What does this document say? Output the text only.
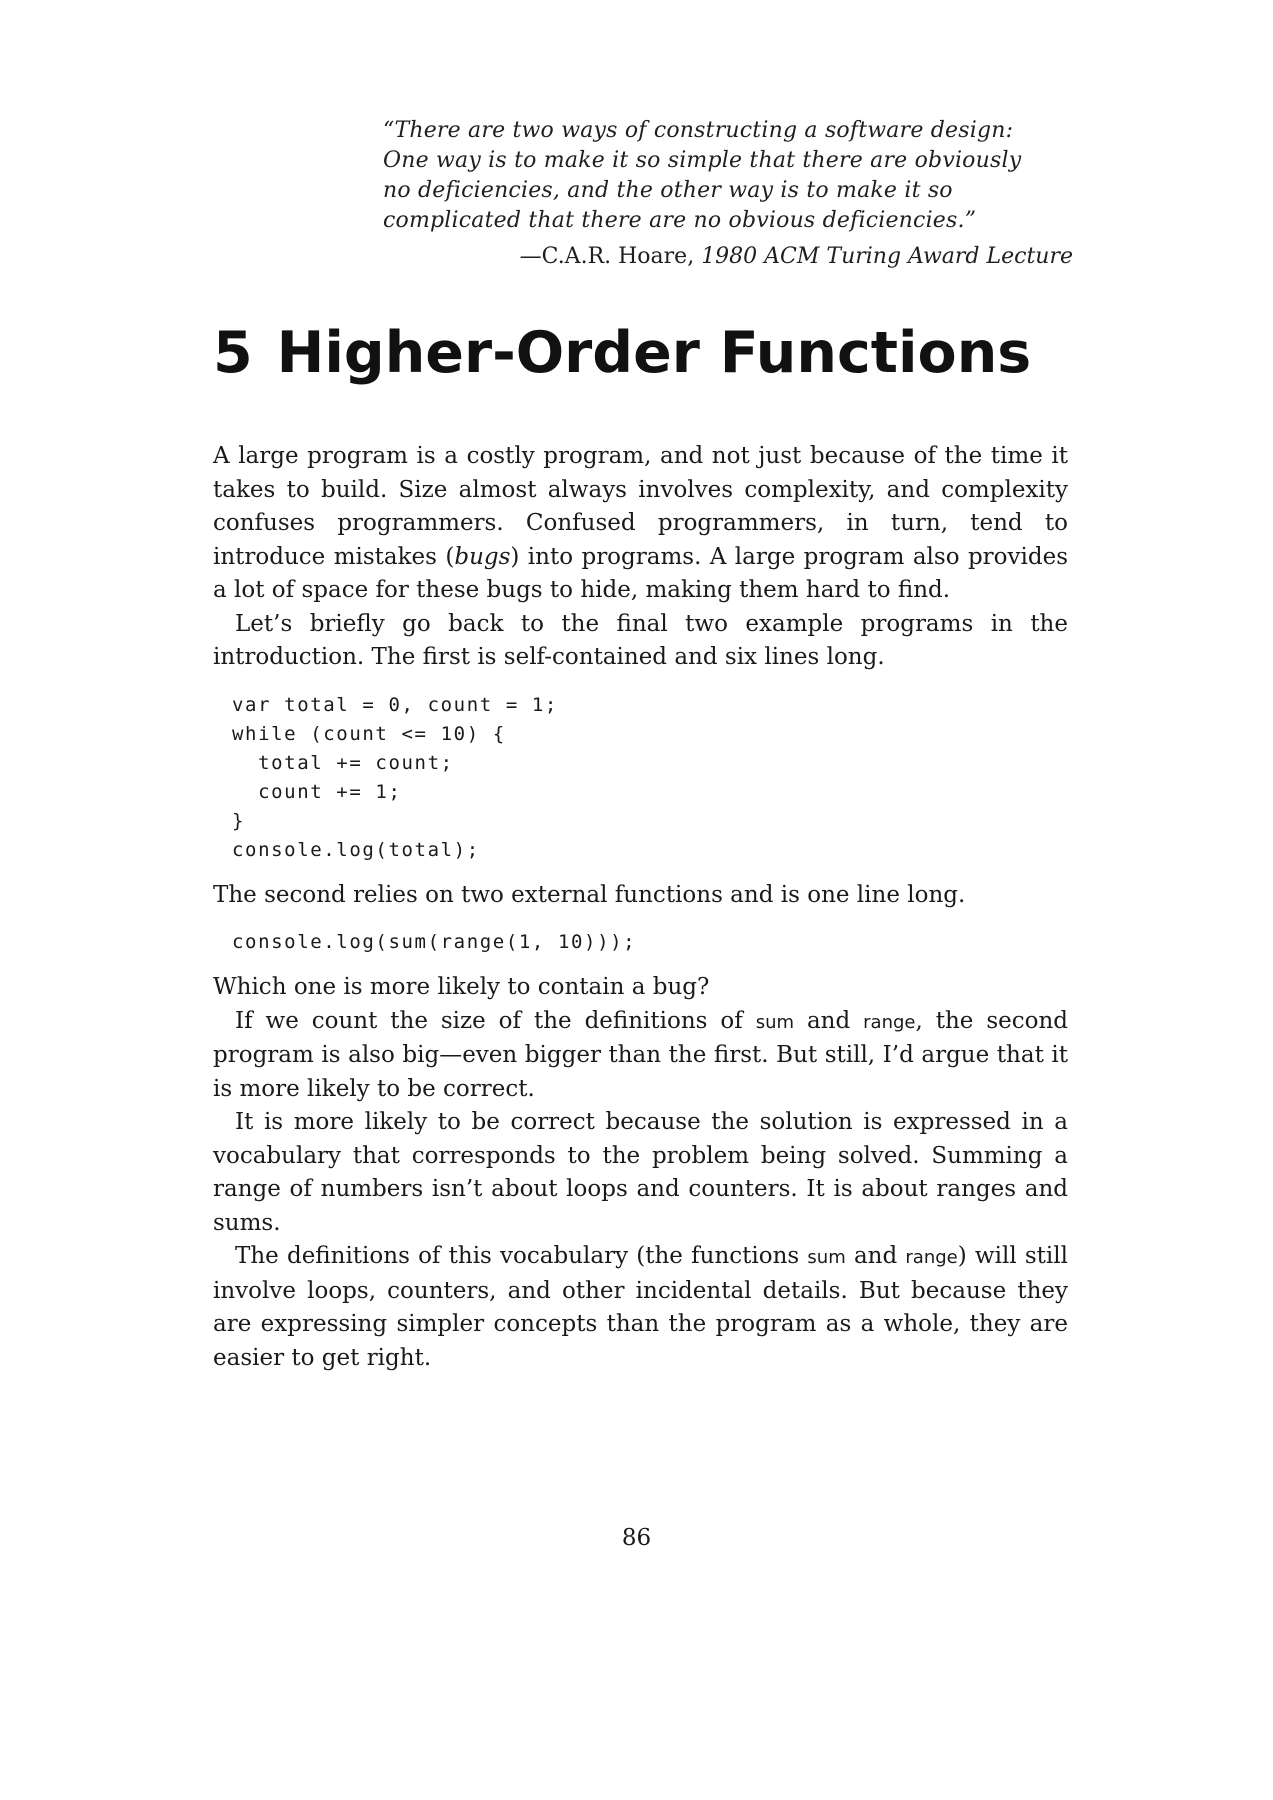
“There are two ways of constructing a software design: One way is to make it so simple that there are obviously no deficiencies, and the other way is to make it so complicated that there are no obvious deficiencies.”
—C.A.R. Hoare, 1980 ACM Turing Award Lecture
5 Higher-Order Functions

A large program is a costly program, and not just because of the time it takes to build. Size almost always involves complexity, and complexity confuses programmers. Confused programmers, in turn, tend to introduce mistakes (bugs) into programs. A large program also provides a lot of space for these bugs to hide, making them hard to find.

Let’s briefly go back to the final two example programs in the introduction. The first is self-contained and six lines long.

var total = 0, count = 1;
while (count <= 10) {
total += count;
count += 1;
}
console.log(total);

The second relies on two external functions and is one line long.

console.log(sum(range(1, 10)));

Which one is more likely to contain a bug?

If we count the size of the definitions of sum and range, the second program is also big—even bigger than the first. But still, I’d argue that it is more likely to be correct.

It is more likely to be correct because the solution is expressed in a vocabulary that corresponds to the problem being solved. Summing a range of numbers isn’t about loops and counters. It is about ranges and sums.

The definitions of this vocabulary (the functions sum and range) will still involve loops, counters, and other incidental details. But because they are expressing simpler concepts than the program as a whole, they are easier to get right.

86
